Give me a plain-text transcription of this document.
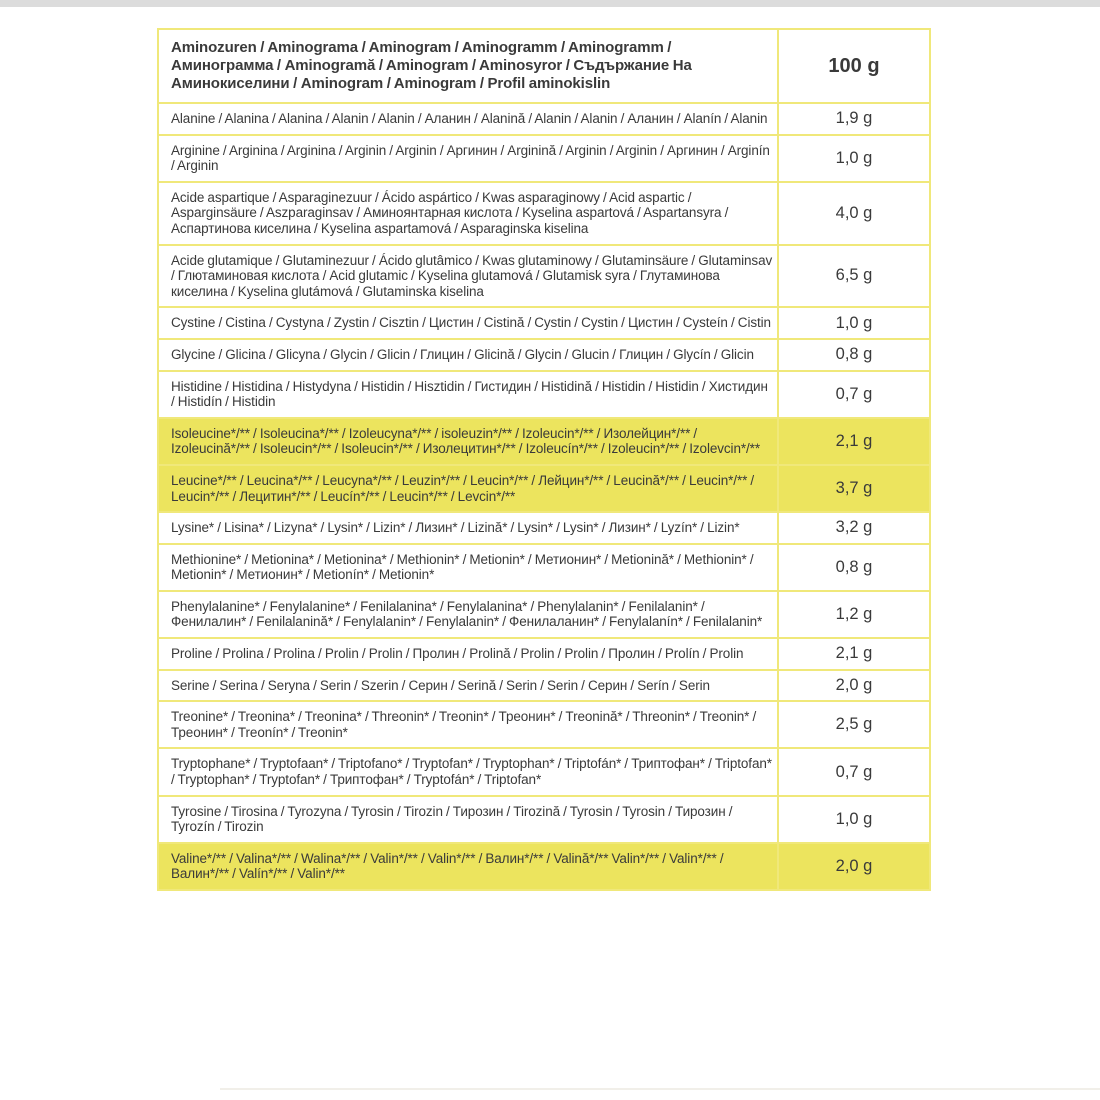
Aminozuren / Aminograma / Aminogram / Aminogramm / Aminogramm / Аминограмма / Aminogramă / Aminogram / Aminosyror / Съдържание На Аминокиселини / Aminogram / Aminogram / Profil aminokislin	100 g
Alanine / Alanina / Alanina / Alanin / Alanin / Аланин / Alanină / Alanin / Alanin / Аланин / Alanín / Alanin	1,9 g
Arginine / Arginina / Arginina / Arginin / Arginin / Аргинин / Arginină / Arginin / Arginin / Аргинин / Arginín / Arginin	1,0 g
Acide aspartique / Asparaginezuur / Ácido aspártico / Kwas asparaginowy / Acid aspartic / Asparginsäure / Aszparaginsav / Аминоянтарная кислота / Kyselina aspartová / Aspartansyra / Аспартинова киселина / Kyselina aspartamová / Asparaginska kiselina	4,0 g
Acide glutamique / Glutaminezuur / Ácido glutâmico / Kwas glutaminowy / Glutaminsäure / Glutaminsav / Глютаминовая кислота / Acid glutamic / Kyselina glutamová / Glutamisk syra / Глутаминова киселина / Kyselina glutámová / Glutaminska kiselina	6,5 g
Cystine / Cistina / Cystyna / Zystin / Cisztin / Цистин / Cistină / Cystin / Cystin / Цистин / Cysteín / Cistin	1,0 g
Glycine / Glicina / Glicyna / Glycin / Glicin / Глицин / Glicină / Glycin / Glucin / Глицин / Glycín / Glicin	0,8 g
Histidine / Histidina / Histydyna / Histidin / Hisztidin / Гистидин / Histidină / Histidin / Histidin / Хистидин / Histidín / Histidin	0,7 g
Isoleucine*/** / Isoleucina*/** / Izoleucyna*/** / isoleuzin*/** / Izoleucin*/** / Изолейцин*/** / Izoleucină*/** / Isoleucin*/** / Isoleucin*/** / Изолецитин*/** / Izoleucín*/** / Izoleucin*/** / Izolevcin*/**	2,1 g
Leucine*/** / Leucina*/** / Leucyna*/** / Leuzin*/** / Leucin*/** / Лейцин*/** / Leucină*/** / Leucin*/** / Leucin*/** / Лецитин*/** / Leucín*/** / Leucin*/** / Levcin*/**	3,7 g
Lysine* / Lisina* / Lizyna* / Lysin* / Lizin* / Лизин* / Lizină* / Lysin* / Lysin* / Лизин* / Lyzín* / Lizin*	3,2 g
Methionine* / Metionina* / Metionina* / Methionin* / Metionin* / Метионин* / Metionină* / Methionin* / Metionin* / Метионин* / Metionín* / Metionin*	0,8 g
Phenylalanine* / Fenylalanine* / Fenilalanina* / Fenylalanina* / Phenylalanin* / Fenilalanin* / Фенилалин* / Fenilalanină* / Fenylalanin* / Fenylalanin* / Фенилаланин* / Fenylalanín* / Fenilalanin*	1,2 g
Proline / Prolina / Prolina / Prolin / Prolin / Пролин / Prolină / Prolin / Prolin / Пролин / Prolín / Prolin	2,1 g
Serine / Serina / Seryna / Serin / Szerin / Серин / Serină / Serin / Serin / Серин / Serín / Serin	2,0 g
Treonine* / Treonina* / Treonina* / Threonin* / Treonin* / Треонин* / Treonină* / Threonin* / Treonin* / Треонин* / Treonín* / Treonin*	2,5 g
Tryptophane* / Tryptofaan* / Triptofano* / Tryptofan* / Tryptophan* / Triptofán* / Триптофан* / Triptofan* / Tryptophan* / Tryptofan* / Триптофан* / Tryptofán* / Triptofan*	0,7 g
Tyrosine / Tirosina / Tyrozyna / Tyrosin / Tirozin / Тирозин / Tirozină / Tyrosin / Tyrosin / Тирозин / Tyrozín / Tirozin	1,0 g
Valine*/** / Valina*/** / Walina*/** / Valin*/** / Valin*/** / Валин*/** / Valină*/** Valin*/** / Valin*/** / Валин*/** / Valín*/** / Valin*/**	2,0 g
